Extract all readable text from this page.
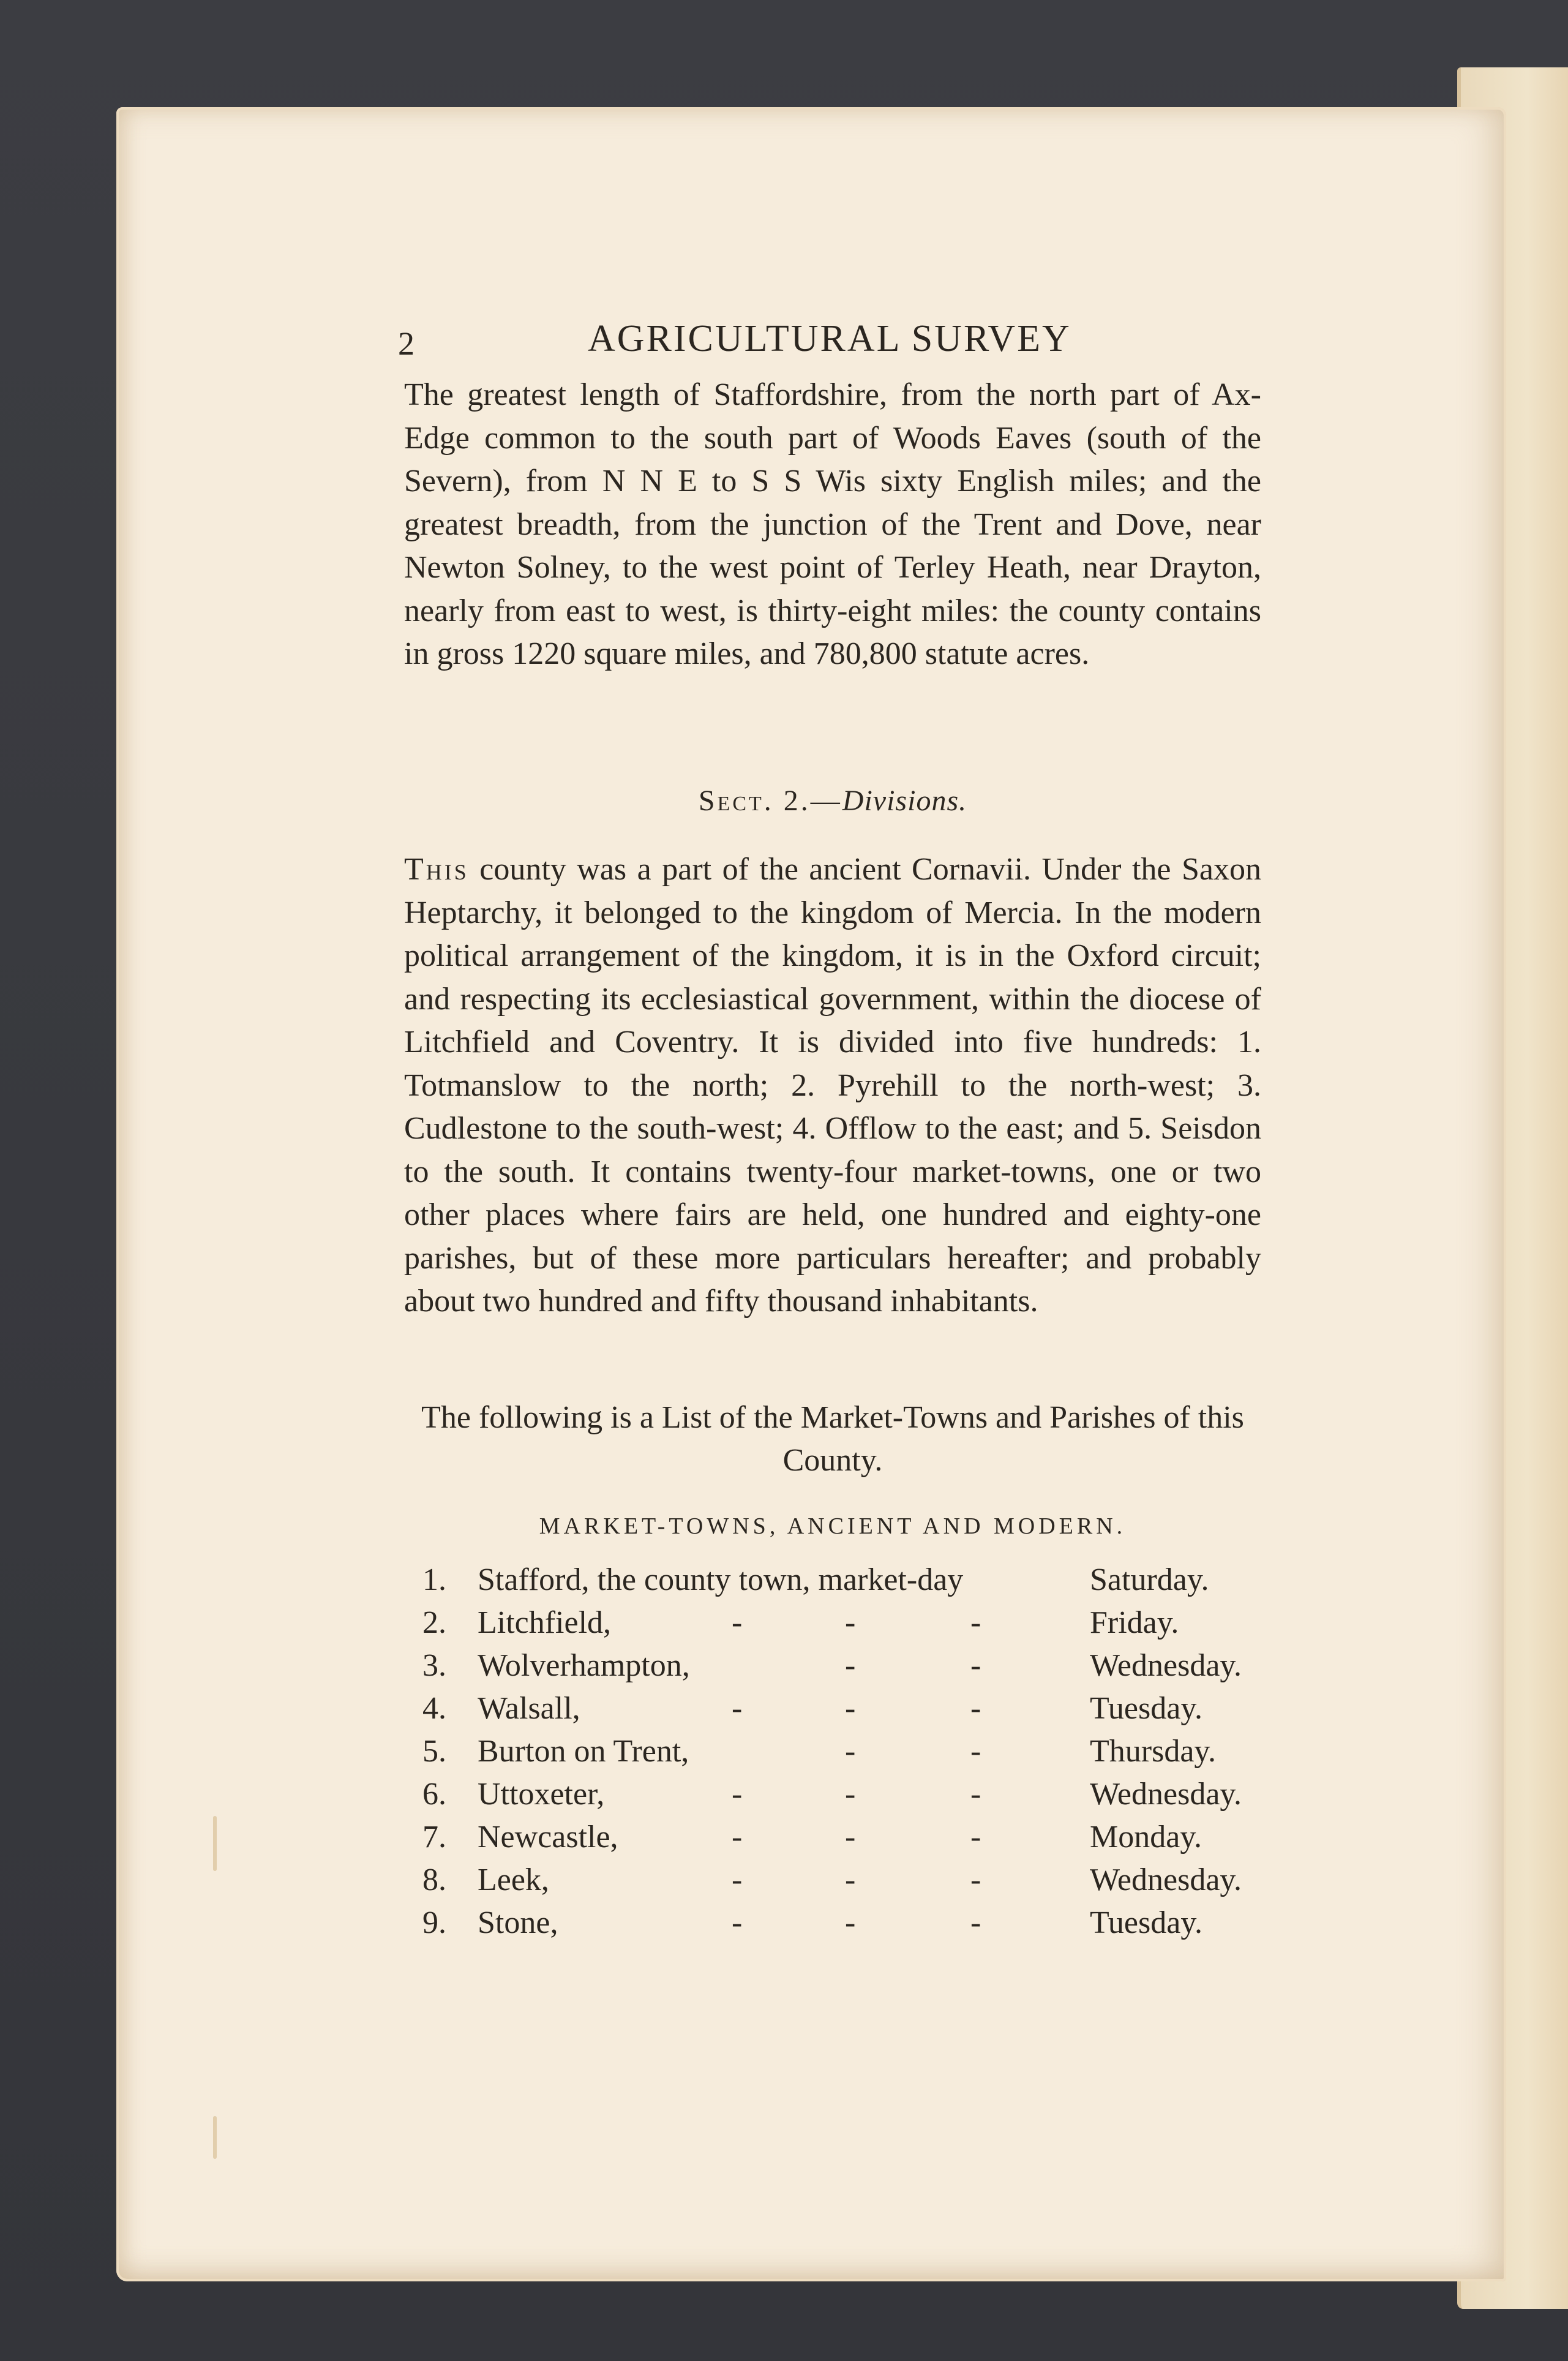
2	AGRICULTURAL SURVEY

The greatest length of Staffordshire, from the north part of Ax-Edge common to the south part of Woods Eaves (south of the Severn), from N N E to S S Wis sixty English miles; and the greatest breadth, from the junction of the Trent and Dove, near Newton Solney, to the west point of Terley Heath, near Drayton, nearly from east to west, is thirty-eight miles: the county contains in gross 1220 square miles, and 780,800 statute acres.

Sect. 2.—Divisions.

This county was a part of the ancient Cornavii. Under the Saxon Heptarchy, it belonged to the kingdom of Mercia. In the modern political arrangement of the kingdom, it is in the Oxford circuit; and respecting its ecclesiastical government, within the diocese of Litchfield and Coventry. It is divided into five hundreds: 1. Totmanslow to the north; 2. Pyrehill to the north-west; 3. Cudlestone to the south-west; 4. Offlow to the east; and 5. Seisdon to the south. It contains twenty-four market-towns, one or two other places where fairs are held, one hundred and eighty-one parishes, but of these more particulars hereafter; and probably about two hundred and fifty thousand inhabitants.

The following is a List of the Market-Towns and Parishes of this County.
MARKET-TOWNS, ANCIENT AND MODERN.
1. Stafford, the county town, market-day	Saturday.
2. Litchfield,	-	-	-	Friday.
3. Wolverhampton,	-	-	Wednesday.
4. Walsall,	-	-	-	Tuesday.
5. Burton on Trent,	-	-	Thursday.
6. Uttoxeter,	-	-	-	Wednesday.
7. Newcastle,	-	-	-	Monday.
8. Leek,	-	-	-	Wednesday.
9. Stone,	-	-	-	Tuesday.
